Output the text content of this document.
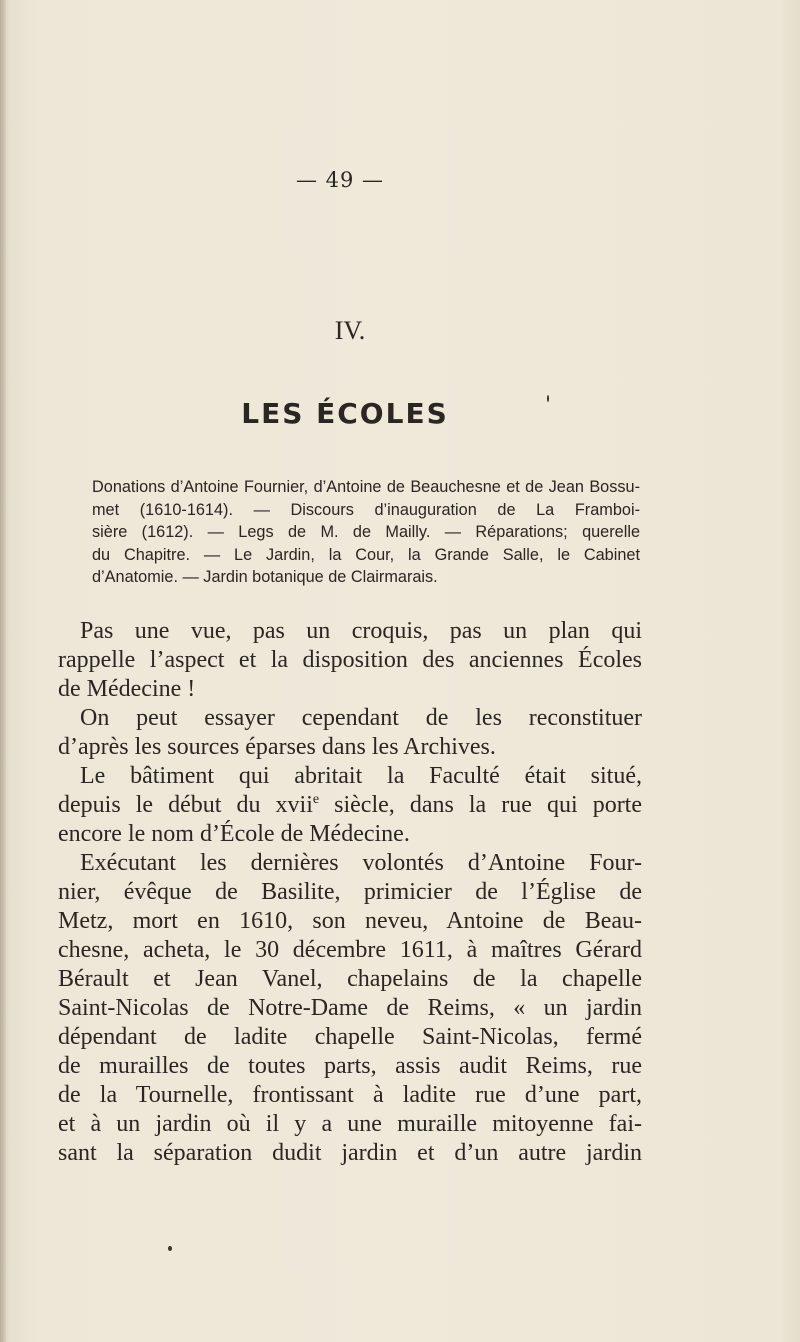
— 49 —
IV.
LES ÉCOLES
Donations d’Antoine Fournier, d’Antoine de Beauchesne et de Jean Bossu-
met (1610-1614). — Discours d’inauguration de La Framboi-
sière (1612). — Legs de M. de Mailly. — Réparations; querelle
du Chapitre. — Le Jardin, la Cour, la Grande Salle, le Cabinet
d’Anatomie. — Jardin botanique de Clairmarais.
Pas une vue, pas un croquis, pas un plan qui
rappelle l’aspect et la disposition des anciennes Écoles
de Médecine !
On peut essayer cependant de les reconstituer
d’après les sources éparses dans les Archives.
Le bâtiment qui abritait la Faculté était situé,
depuis le début du xvii$^e$ siècle, dans la rue qui porte
encore le nom d’École de Médecine.
Exécutant les dernières volontés d’Antoine Four-
nier, évêque de Basilite, primicier de l’Église de
Metz, mort en 1610, son neveu, Antoine de Beau-
chesne, acheta, le 30 décembre 1611, à maîtres Gérard
Bérault et Jean Vanel, chapelains de la chapelle
Saint-Nicolas de Notre-Dame de Reims, « un jardin
dépendant de ladite chapelle Saint-Nicolas, fermé
de murailles de toutes parts, assis audit Reims, rue
de la Tournelle, frontissant à ladite rue d’une part,
et à un jardin où il y a une muraille mitoyenne fai-
sant la séparation dudit jardin et d’un autre jardin
